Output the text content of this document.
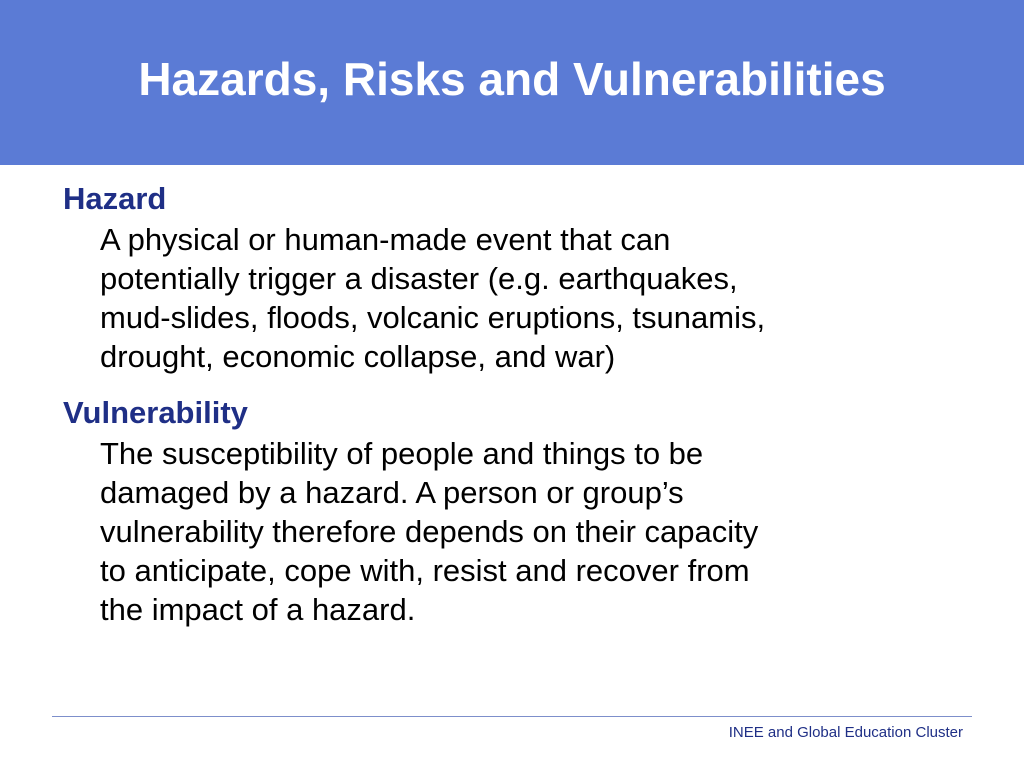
Hazards, Risks and Vulnerabilities

Hazard

A physical or human-made event that can
potentially trigger a disaster (e.g. earthquakes,
mud-slides, floods, volcanic eruptions, tsunamis,
drought, economic collapse, and war)

Vulnerability

The susceptibility of people and things to be
damaged by a hazard. A person or group’s
vulnerability therefore depends on their capacity
to anticipate, cope with, resist and recover from
the impact of a hazard.

INEE and Global Education Cluster
